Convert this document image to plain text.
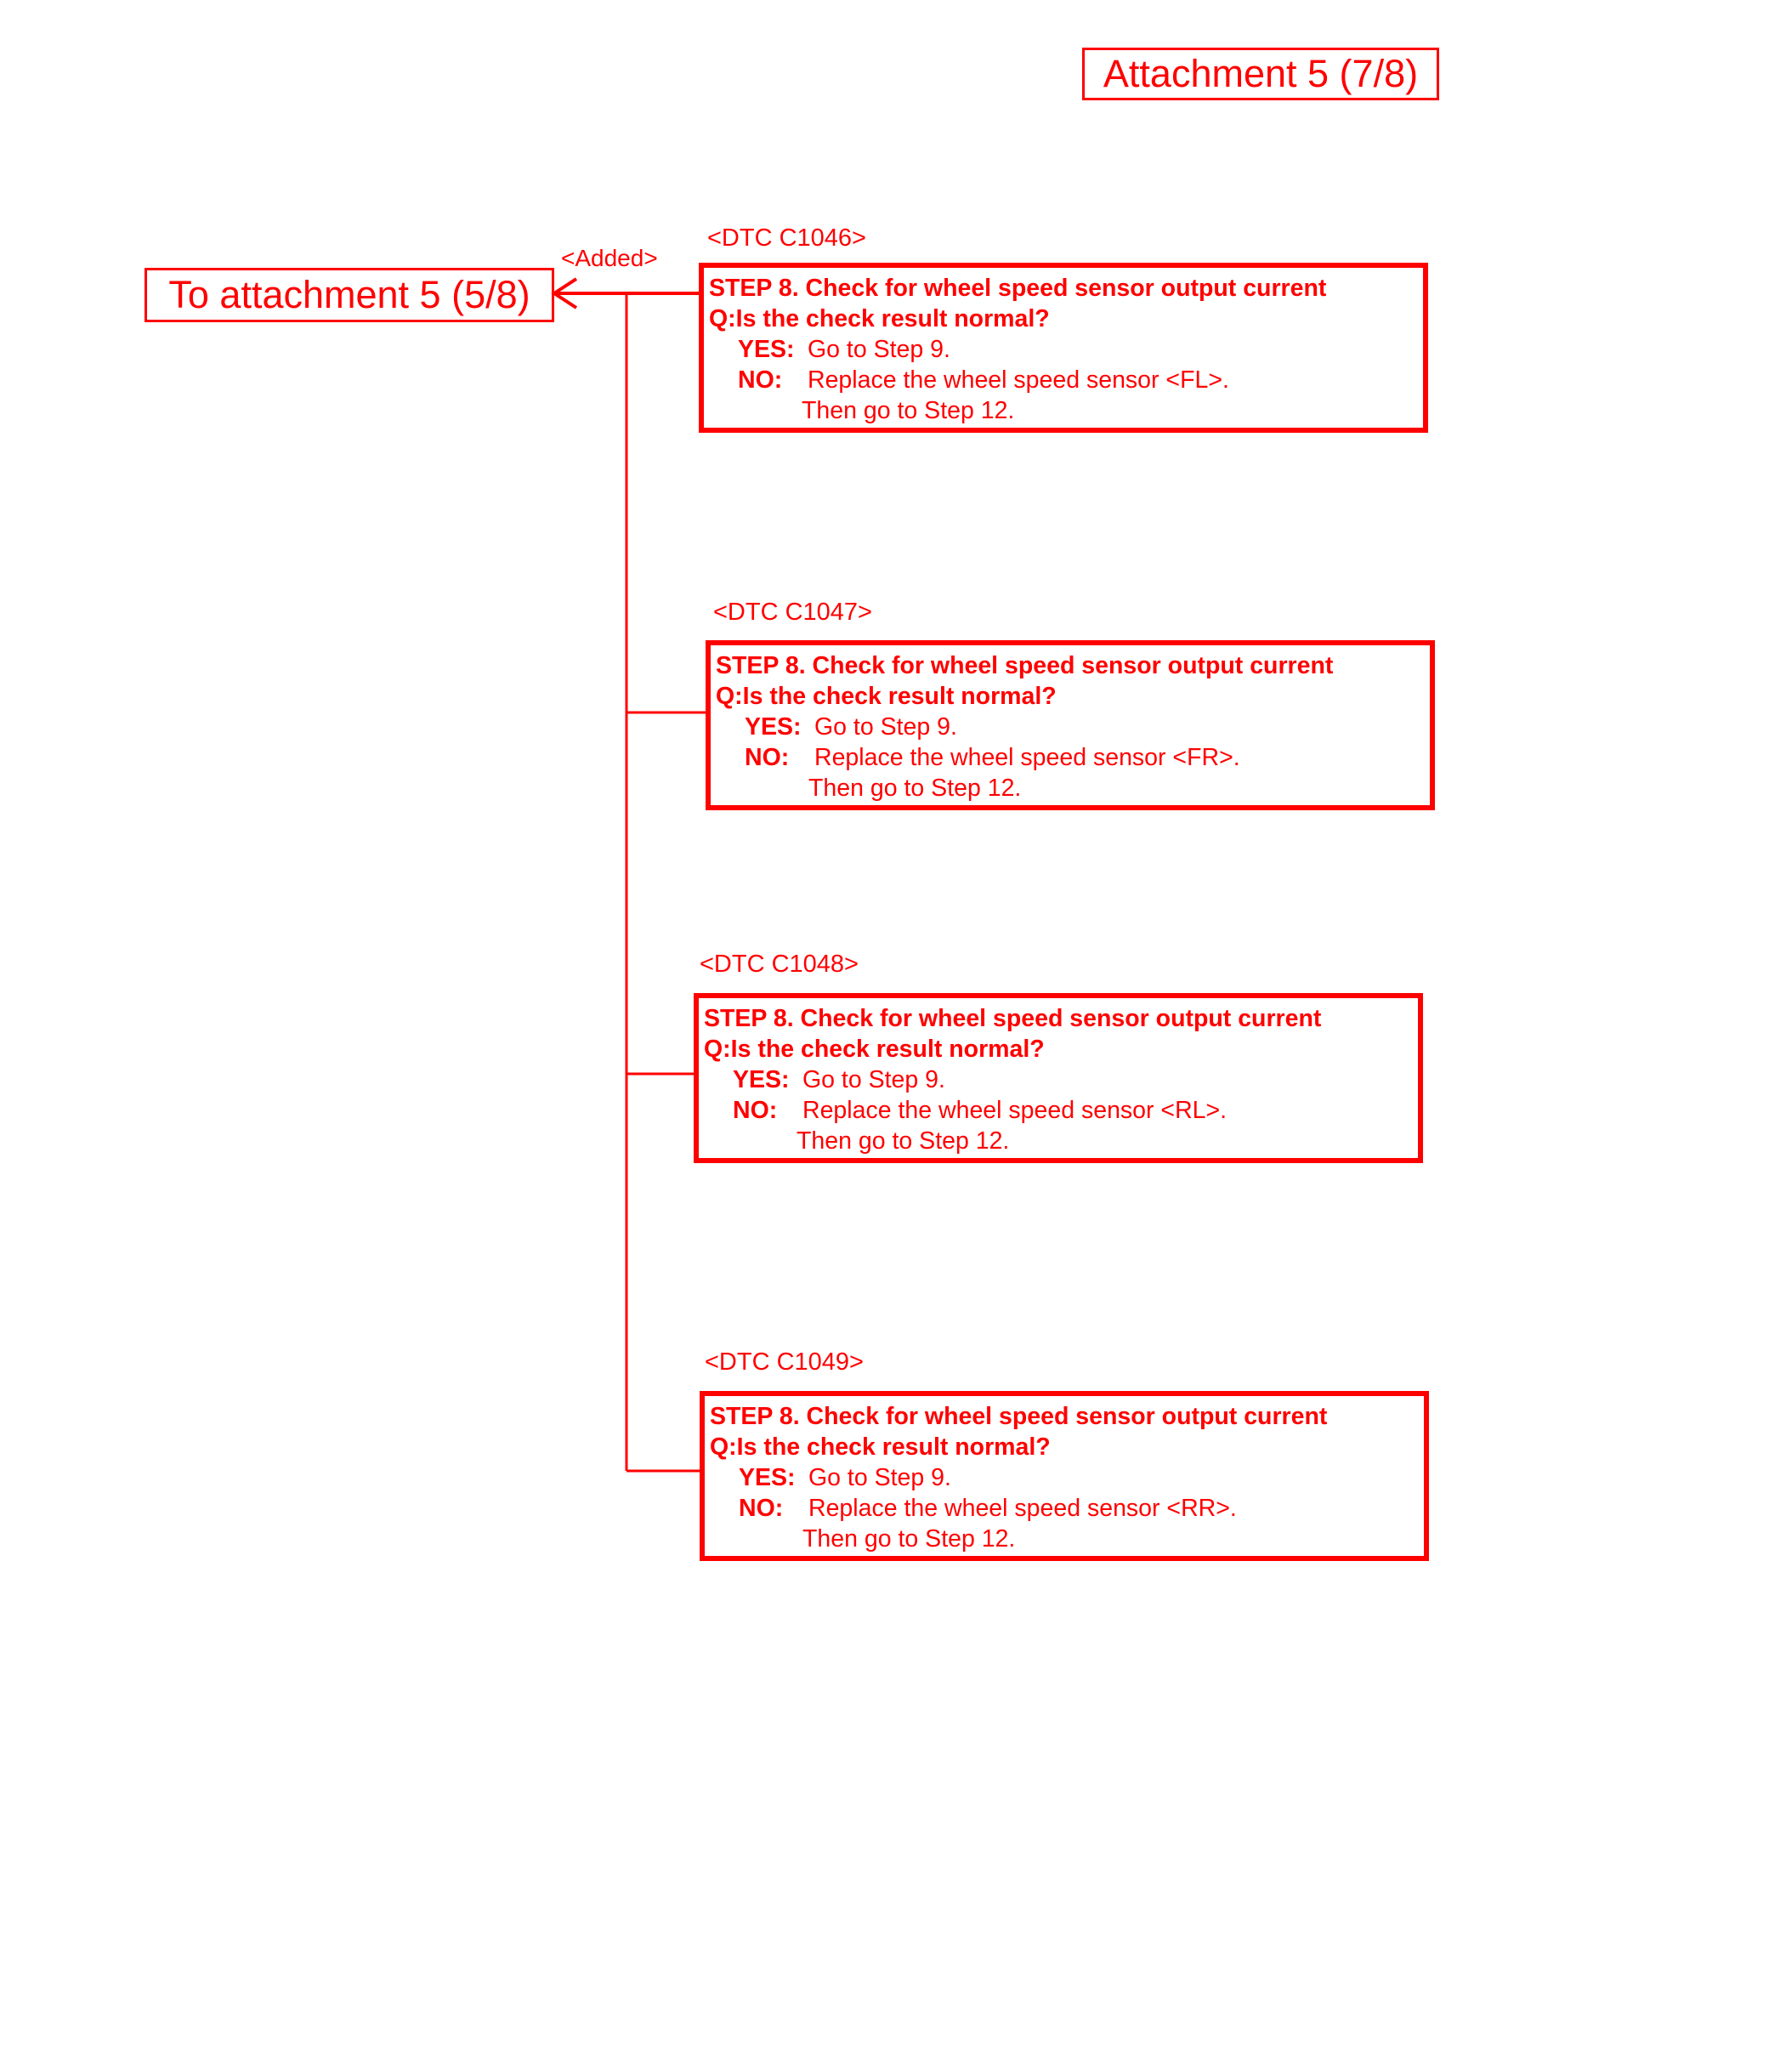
Attachment 5 (7/8)
To attachment 5 (5/8)
<Added>
<DTC C1046>
STEP 8. Check for wheel speed sensor output current
Q:Is the check result normal?
YES: Go to Step 9.
NO: Replace the wheel speed sensor <FL>.
Then go to Step 12.
<DTC C1047>
STEP 8. Check for wheel speed sensor output current
Q:Is the check result normal?
YES: Go to Step 9.
NO: Replace the wheel speed sensor <FR>.
Then go to Step 12.
<DTC C1048>
STEP 8. Check for wheel speed sensor output current
Q:Is the check result normal?
YES: Go to Step 9.
NO: Replace the wheel speed sensor <RL>.
Then go to Step 12.
<DTC C1049>
STEP 8. Check for wheel speed sensor output current
Q:Is the check result normal?
YES: Go to Step 9.
NO: Replace the wheel speed sensor <RR>.
Then go to Step 12.
